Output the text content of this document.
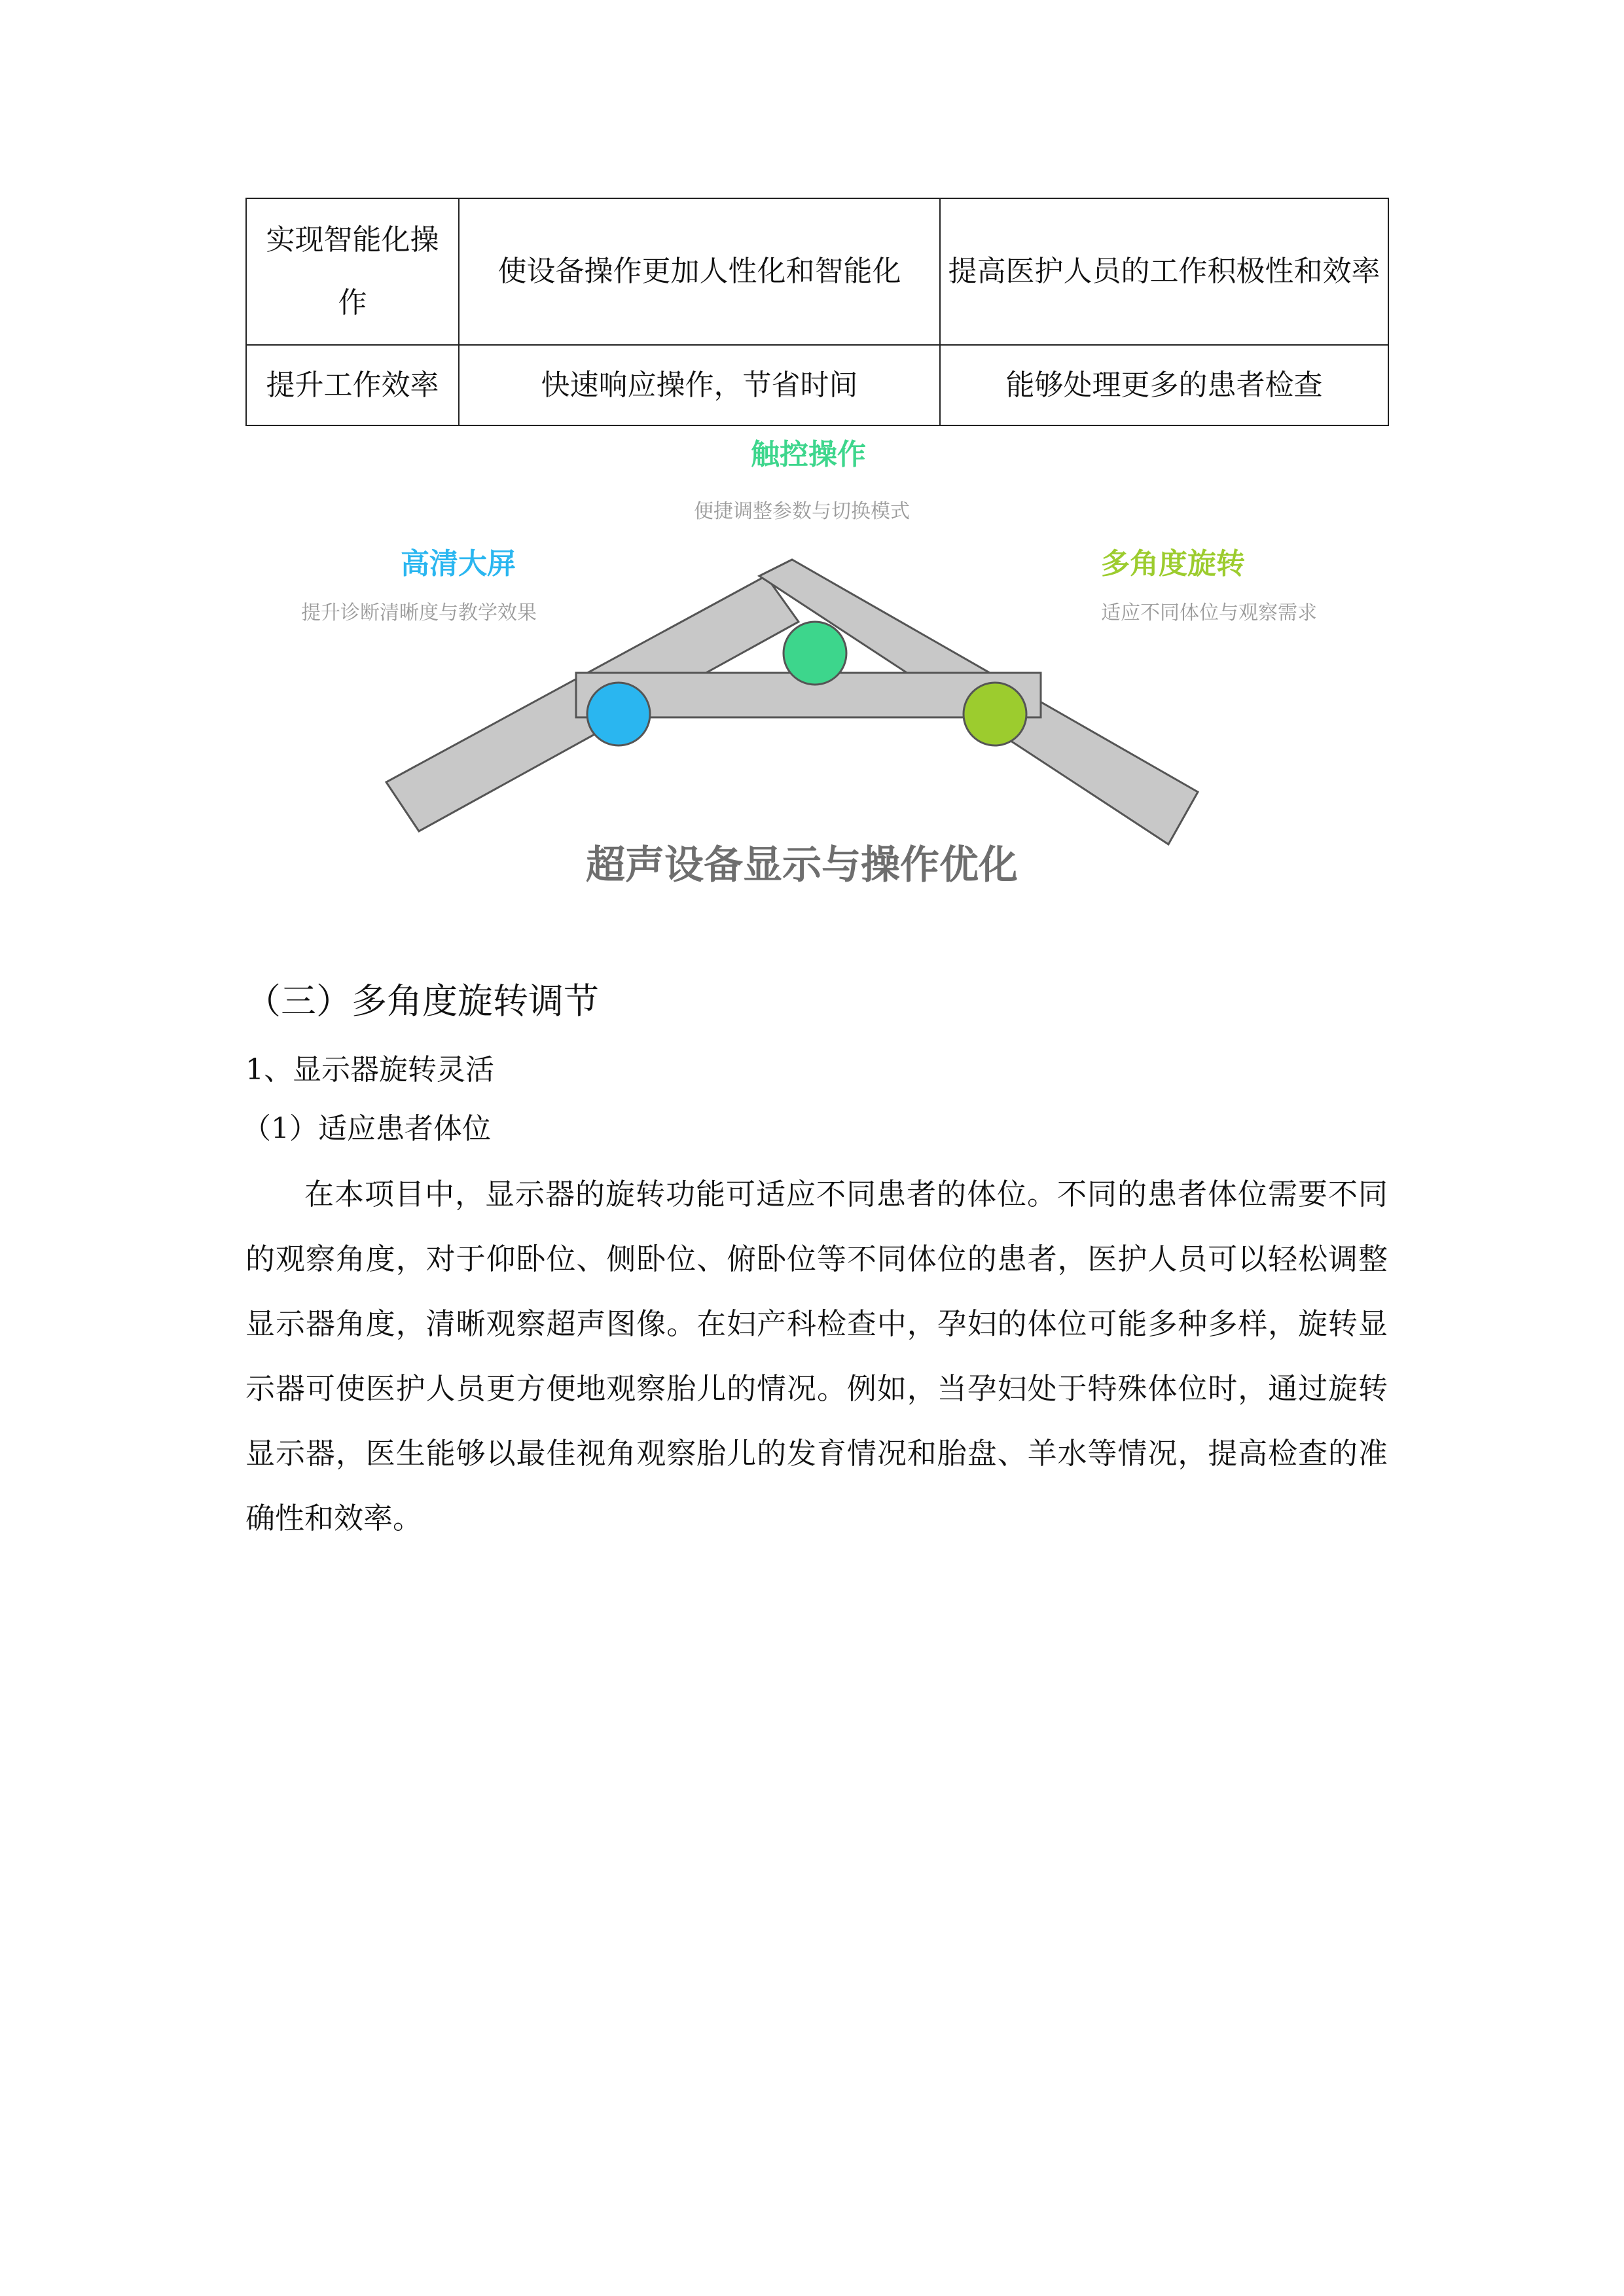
实现智能化操作	使设备操作更加人性化和智能化	提高医护人员的工作积极性和效率
提升工作效率	快速响应操作，节省时间	能够处理更多的患者检查
高清大屏
提升诊断清晰度与教学效果
触控操作
便捷调整参数与切换模式
多角度旋转
适应不同体位与观察需求
超声设备显示与操作优化
（三）多角度旋转调节
1、显示器旋转灵活
（1）适应患者体位

在本项目中，显示器的旋转功能可适应不同患者的体位。不同的患者体位需要不同的观察角度，对于仰卧位、侧卧位、俯卧位等不同体位的患者，医护人员可以轻松调整显示器角度，清晰观察超声图像。在妇产科检查中，孕妇的体位可能多种多样，旋转显示器可使医护人员更方便地观察胎儿的情况。例如，当孕妇处于特殊体位时，通过旋转显示器，医生能够以最佳视角观察胎儿的发育情况和胎盘、羊水等情况，提高检查的准确性和效率。
